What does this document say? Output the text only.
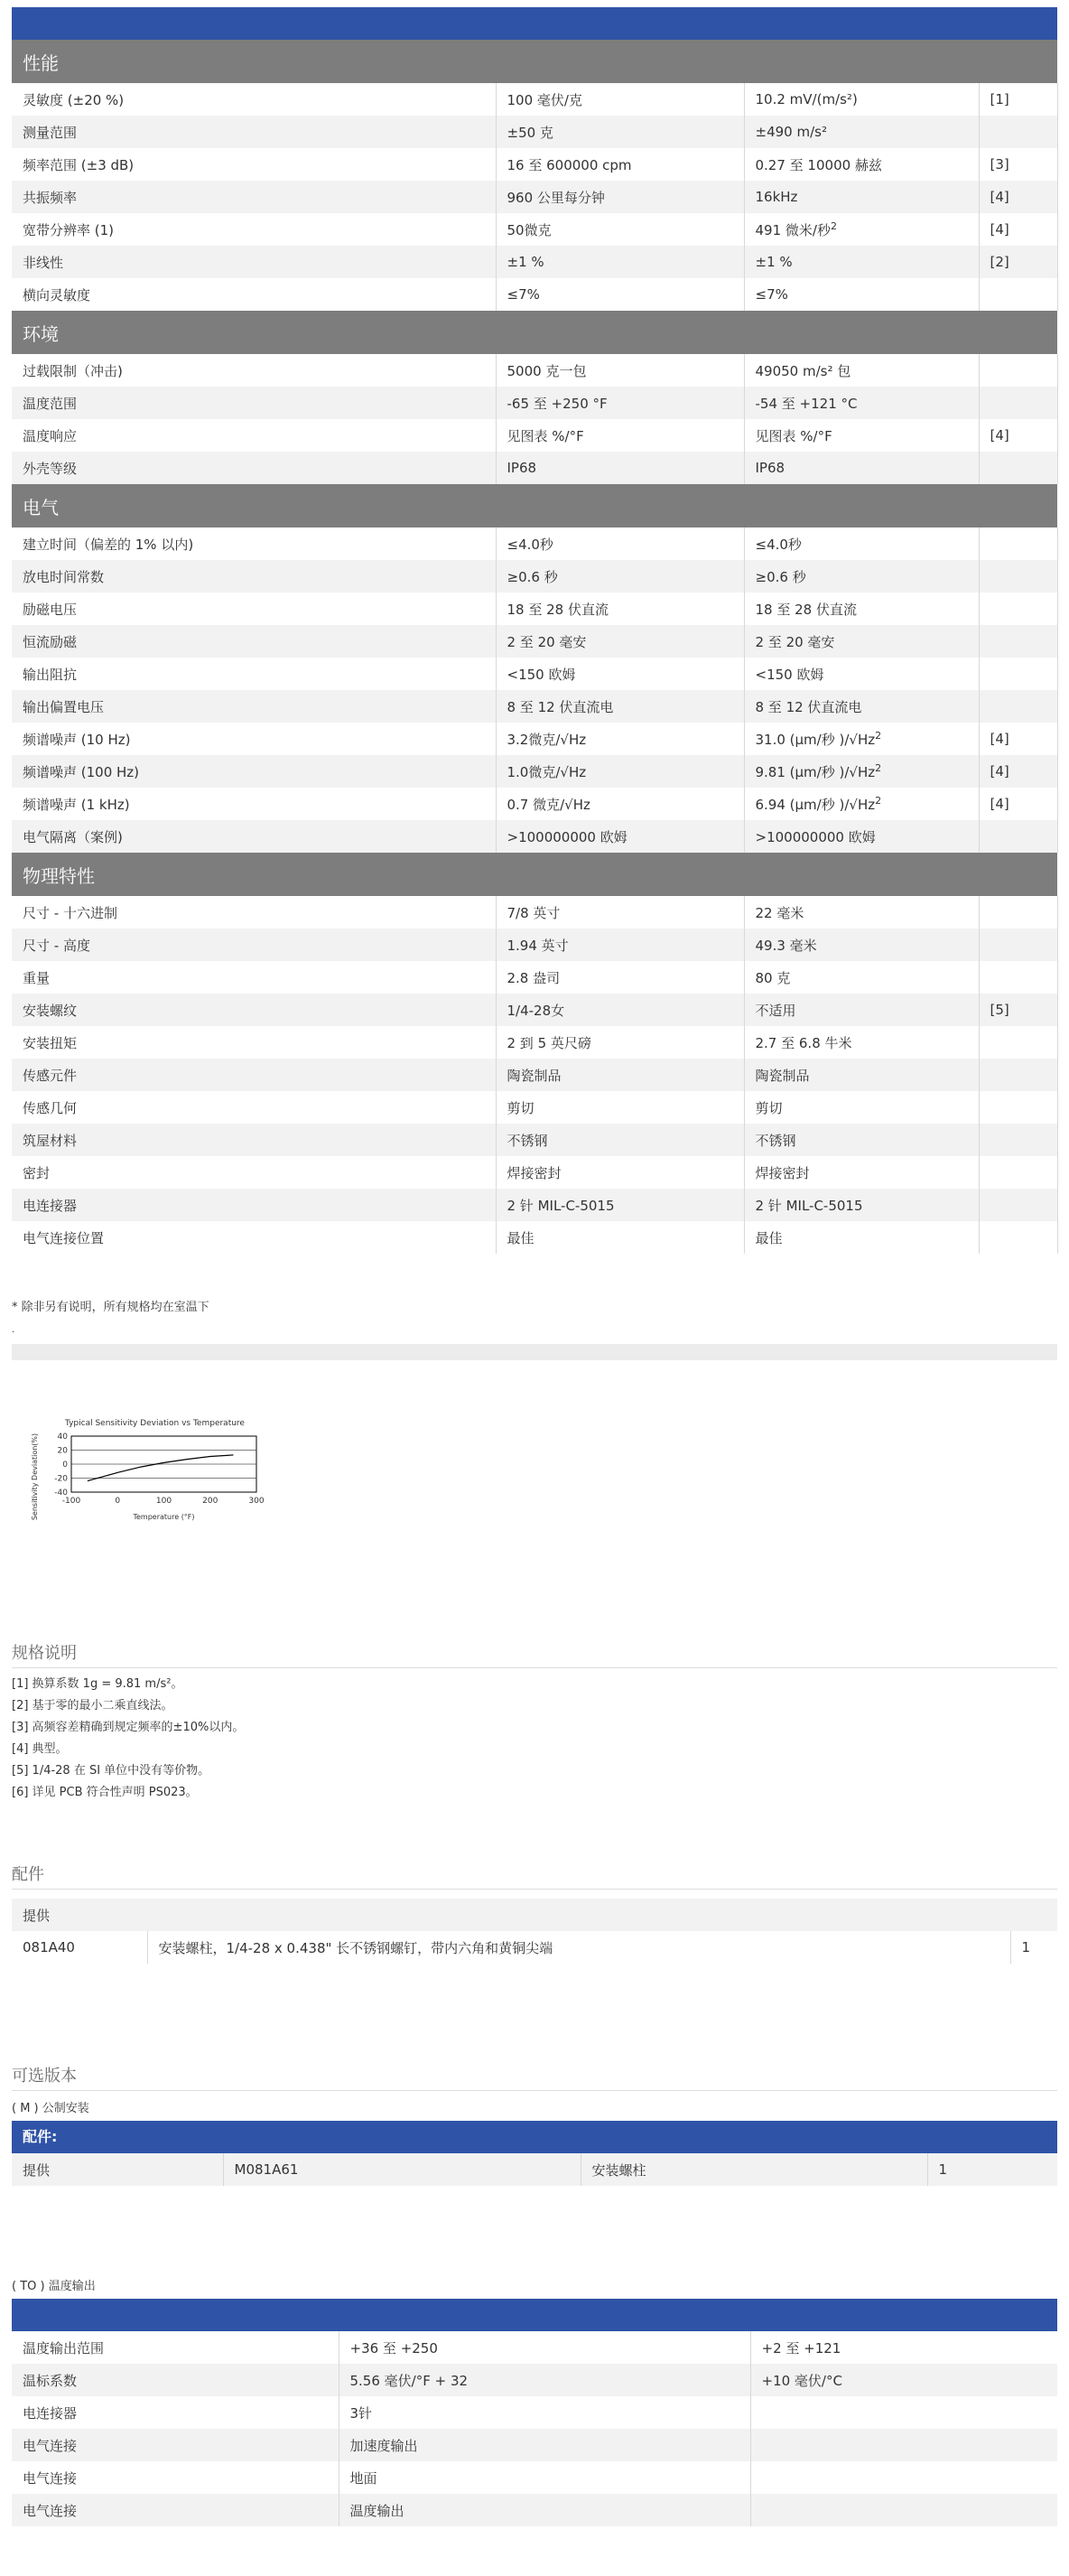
性能			
灵敏度 (±20 %)	100 毫伏/克	10.2 mV/(m/s²)	[1]
测量范围	±50 克	±490 m/s²	
频率范围 (±3 dB)	16 至 600000 cpm	0.27 至 10000 赫兹	[3]
共振频率	960 公里每分钟	16kHz	[4]
宽带分辨率 (1)	50微克	491 微米/秒$^2$	[4]
非线性	±1 %	±1 %	[2]
横向灵敏度	≤7%	≤7%	
环境			
过载限制（冲击)	5000 克一包	49050 m/s² 包	
温度范围	-65 至 +250 °F	-54 至 +121 °C	
温度响应	见图表 %/°F	见图表 %/°F	[4]
外壳等级	IP68	IP68	
电气			
建立时间（偏差的 1% 以内)	≤4.0秒	≤4.0秒	
放电时间常数	≥0.6 秒	≥0.6 秒	
励磁电压	18 至 28 伏直流	18 至 28 伏直流	
恒流励磁	2 至 20 毫安	2 至 20 毫安	
输出阻抗	<150 欧姆	<150 欧姆	
输出偏置电压	8 至 12 伏直流电	8 至 12 伏直流电	
频谱噪声 (10 Hz)	3.2微克/√Hz	31.0 (μm/秒 )/√Hz$^2$	[4]
频谱噪声 (100 Hz)	1.0微克/√Hz	9.81 (μm/秒 )/√Hz$^2$	[4]
频谱噪声 (1 kHz)	0.7 微克/√Hz	6.94 (μm/秒 )/√Hz$^2$	[4]
电气隔离（案例)	>100000000 欧姆	>100000000 欧姆	
物理特性			
尺寸 - 十六进制	7/8 英寸	22 毫米	
尺寸 - 高度	1.94 英寸	49.3 毫米	
重量	2.8 盎司	80 克	
安装螺纹	1/4-28女	不适用	[5]
安装扭矩	2 到 5 英尺磅	2.7 至 6.8 牛米	
传感元件	陶瓷制品	陶瓷制品	
传感几何	剪切	剪切	
筑屋材料	不锈钢	不锈钢	
密封	焊接密封	焊接密封	
电连接器	2 针 MIL-C-5015	2 针 MIL-C-5015	
电气连接位置	最佳	最佳	
* 除非另有说明，所有规格均在室温下
.
40
20
0
-20
-40
-100	0	100	200	300
Typical Sensitivity Deviation vs Temperature
Temperature (°F)
Sensitivity Deviation(%)
规格说明
[1] 换算系数 1g = 9.81 m/s²。
[2] 基于零的最小二乘直线法。
[3] 高频容差精确到规定频率的±10%以内。
[4] 典型。
[5] 1/4-28 在 SI 单位中没有等价物。
[6] 详见 PCB 符合性声明 PS023。
配件
提供
081A40	安装螺柱，1/4-28 x 0.438" 长不锈钢螺钉，带内六角和黄铜尖端	1
可选版本
( M ) 公制安装
配件:
提供	M081A61	安装螺柱	1
( TO ) 温度输出
温度输出范围	+36 至 +250	+2 至 +121
温标系数	5.56 毫伏/°F + 32	+10 毫伏/°C
电连接器	3针	
电气连接	加速度输出	
电气连接	地面	
电气连接	温度输出	
